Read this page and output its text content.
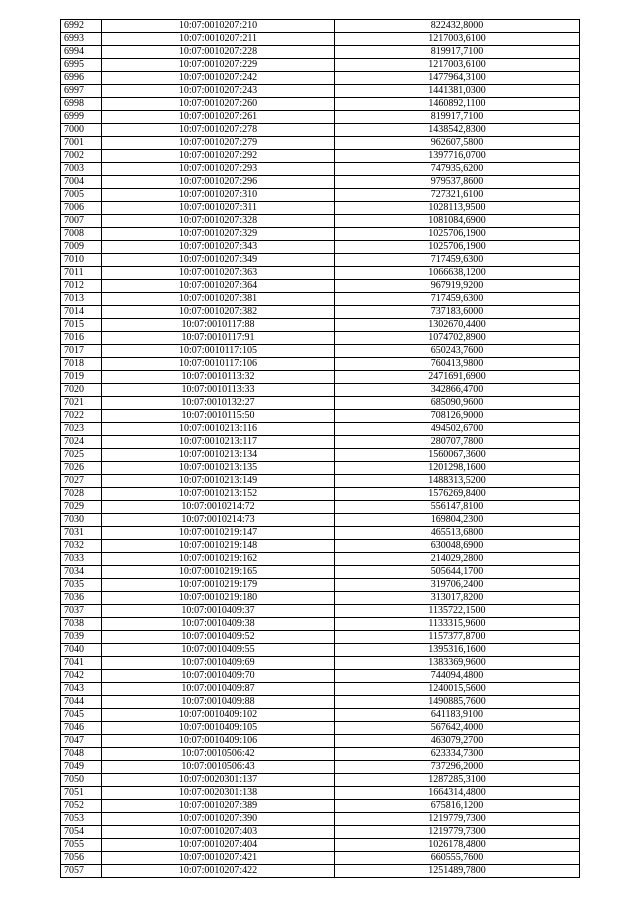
6992	10:07:0010207:210	822432,8000
6993	10:07:0010207:211	1217003,6100
6994	10:07:0010207:228	819917,7100
6995	10:07:0010207:229	1217003,6100
6996	10:07:0010207:242	1477964,3100
6997	10:07:0010207:243	1441381,0300
6998	10:07:0010207:260	1460892,1100
6999	10:07:0010207:261	819917,7100
7000	10:07:0010207:278	1438542,8300
7001	10:07:0010207:279	962607,5800
7002	10:07:0010207:292	1397716,0700
7003	10:07:0010207:293	747935,6200
7004	10:07:0010207:296	979537,8600
7005	10:07:0010207:310	727321,6100
7006	10:07:0010207:311	1028113,9500
7007	10:07:0010207:328	1081084,6900
7008	10:07:0010207:329	1025706,1900
7009	10:07:0010207:343	1025706,1900
7010	10:07:0010207:349	717459,6300
7011	10:07:0010207:363	1066638,1200
7012	10:07:0010207:364	967919,9200
7013	10:07:0010207:381	717459,6300
7014	10:07:0010207:382	737183,6000
7015	10:07:0010117:88	1302670,4400
7016	10:07:0010117:91	1074702,8900
7017	10:07:0010117:105	650243,7600
7018	10:07:0010117:106	760413,9800
7019	10:07:0010113:32	2471691,6900
7020	10:07:0010113:33	342866,4700
7021	10:07:0010132:27	685090,9600
7022	10:07:0010115:50	708126,9000
7023	10:07:0010213:116	494502,6700
7024	10:07:0010213:117	280707,7800
7025	10:07:0010213:134	1560067,3600
7026	10:07:0010213:135	1201298,1600
7027	10:07:0010213:149	1488313,5200
7028	10:07:0010213:152	1576269,8400
7029	10:07:0010214:72	556147,8100
7030	10:07:0010214:73	169804,2300
7031	10:07:0010219:147	465513,6800
7032	10:07:0010219:148	630048,6900
7033	10:07:0010219:162	214029,2800
7034	10:07:0010219:165	505644,1700
7035	10:07:0010219:179	319706,2400
7036	10:07:0010219:180	313017,8200
7037	10:07:0010409:37	1135722,1500
7038	10:07:0010409:38	1133315,9600
7039	10:07:0010409:52	1157377,8700
7040	10:07:0010409:55	1395316,1600
7041	10:07:0010409:69	1383369,9600
7042	10:07:0010409:70	744094,4800
7043	10:07:0010409:87	1240015,5600
7044	10:07:0010409:88	1490885,7600
7045	10:07:0010409:102	641183,9100
7046	10:07:0010409:105	567642,4000
7047	10:07:0010409:106	463079,2700
7048	10:07:0010506:42	623334,7300
7049	10:07:0010506:43	737296,2000
7050	10:07:0020301:137	1287285,3100
7051	10:07:0020301:138	1664314,4800
7052	10:07:0010207:389	675816,1200
7053	10:07:0010207:390	1219779,7300
7054	10:07:0010207:403	1219779,7300
7055	10:07:0010207:404	1026178,4800
7056	10:07:0010207:421	660555,7600
7057	10:07:0010207:422	1251489,7800
